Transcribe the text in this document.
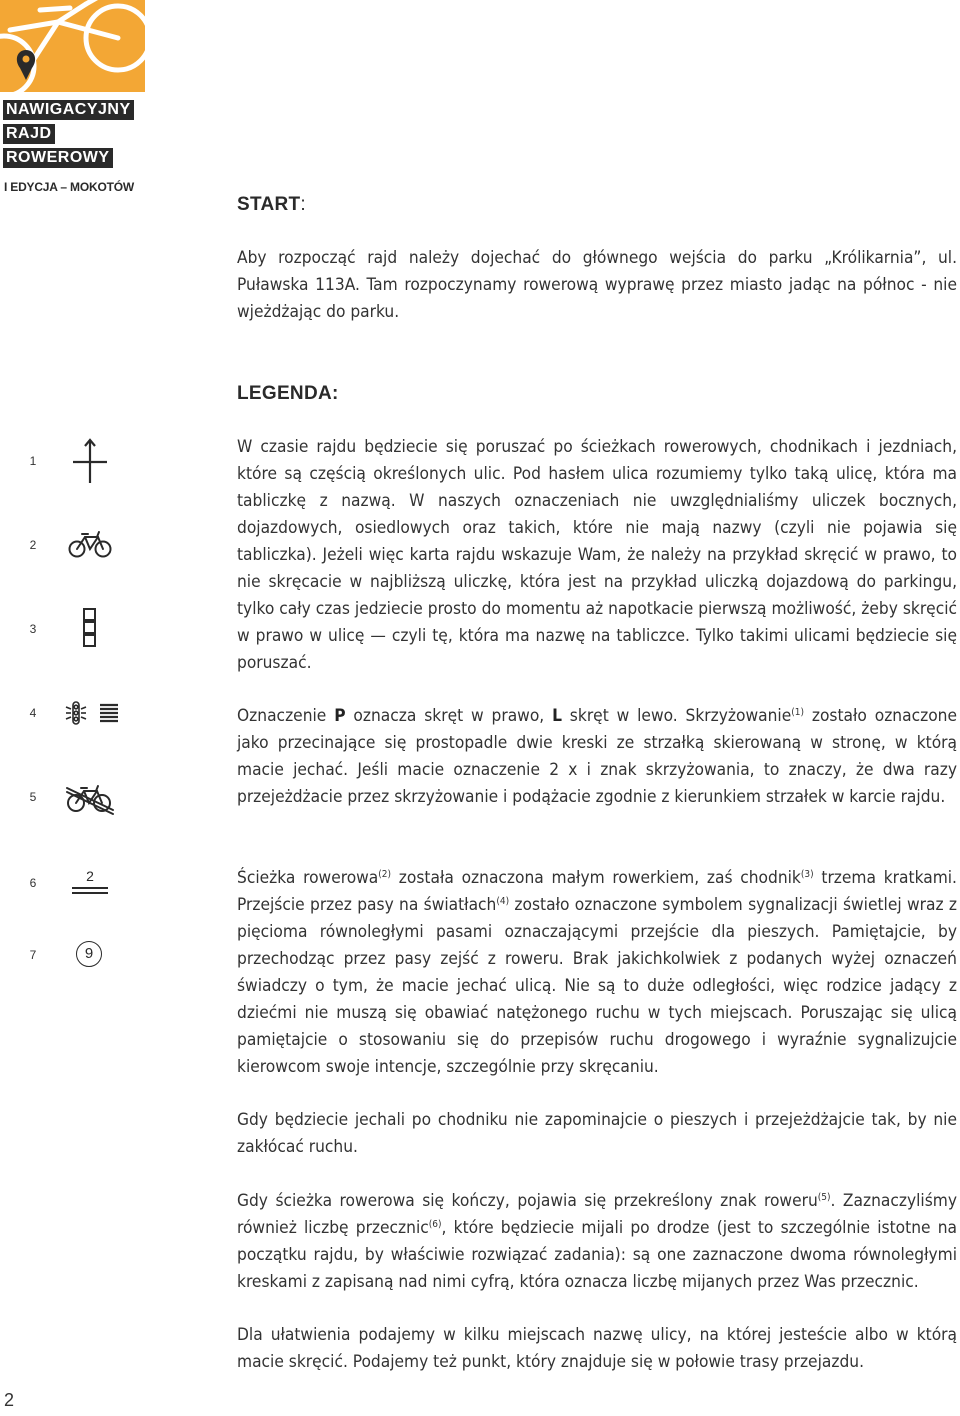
NAWIGACYJNY
RAJD
ROWEROWY
I EDYCJA – MOKOTÓW
START:
Aby rozpocząć rajd należy dojechać do głównego wejścia do parku „Królikarnia”, ul. Puławska 113A. Tam rozpoczynamy rowerową wyprawę przez miasto jadąc na północ - nie wjeżdżając do parku.
LEGENDA:
W czasie rajdu będziecie się poruszać po ścieżkach rowerowych, chodnikach i jezdniach, które są częścią określonych ulic. Pod hasłem ulica rozumiemy tylko taką ulicę, która ma tabliczkę z nazwą. W naszych oznaczeniach nie uwzględnialiśmy uliczek bocznych, dojazdowych, osiedlowych oraz takich, które nie mają nazwy (czyli nie pojawia się tabliczka). Jeżeli więc karta rajdu wskazuje Wam, że należy na przykład skręcić w prawo, to nie skręcacie w najbliższą uliczkę, która jest na przykład uliczką dojazdową do parkingu, tylko cały czas jedziecie prosto do momentu aż napotkacie pierwszą możliwość, żeby skręcić w prawo w ulicę — czyli tę, która ma nazwę na tabliczce. Tylko takimi ulicami będziecie się poruszać.
Oznaczenie P oznacza skręt w prawo, L skręt w lewo. Skrzyżowanie$^{(1)}$ zostało oznaczone jako przecinające się prostopadle dwie kreski ze strzałką skierowaną w stronę, w którą macie jechać. Jeśli macie oznaczenie 2 x i znak skrzyżowania, to znaczy, że dwa razy przejeżdżacie przez skrzyżowanie i podążacie zgodnie z kierunkiem strzałek w karcie rajdu.
Ścieżka rowerowa$^{(2)}$ została oznaczona małym rowerkiem, zaś chodnik$^{(3)}$ trzema kratkami. Przejście przez pasy na światłach$^{(4)}$ zostało oznaczone symbolem sygnalizacji świetlej wraz z pięcioma równoległymi pasami oznaczającymi przejście dla pieszych. Pamiętajcie, by przechodząc przez pasy zejść z roweru. Brak jakichkolwiek z podanych wyżej oznaczeń świadczy o tym, że macie jechać ulicą. Nie są to duże odległości, więc rodzice jadący z dziećmi nie muszą się obawiać natężonego ruchu w tych miejscach. Poruszając się ulicą pamiętajcie o stosowaniu się do przepisów ruchu drogowego i wyraźnie sygnalizujcie kierowcom swoje intencje, szczególnie przy skręcaniu.
Gdy będziecie jechali po chodniku nie zapominajcie o pieszych i przejeżdżajcie tak, by nie zakłócać ruchu.
Gdy ścieżka rowerowa się kończy, pojawia się przekreślony znak roweru$^{(5)}$. Zaznaczyliśmy również liczbę przecznic$^{(6)}$, które będziecie mijali po drodze (jest to szczególnie istotne na początku rajdu, by właściwie rozwiązać zadania): są one zaznaczone dwoma równoległymi kreskami z zapisaną nad nimi cyfrą, która oznacza liczbę mijanych przez Was przecznic.
Dla ułatwienia podajemy w kilku miejscach nazwę ulicy, na której jesteście albo w którą macie skręcić. Podajemy też punkt, który znajduje się w połowie trasy przejazdu.
1
2
3
4
5
6
7
2
9
2
